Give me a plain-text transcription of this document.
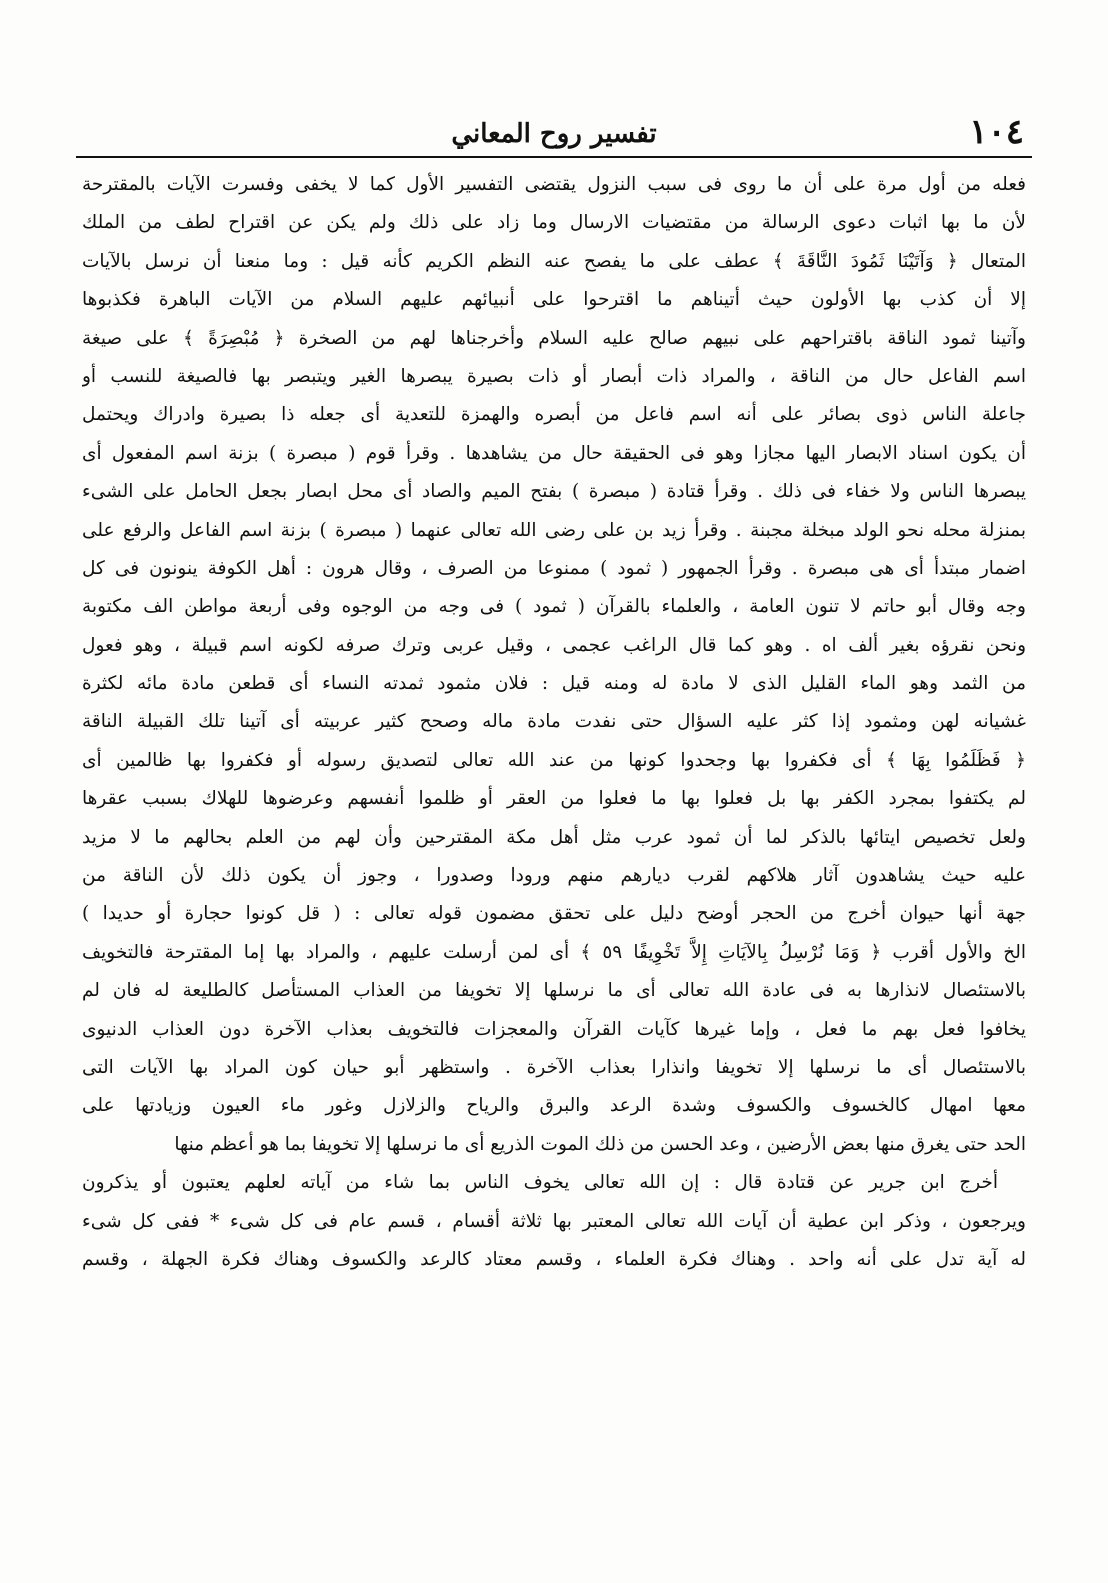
١٠٤
تفسير روح المعاني
فعله من أول مرة على أن ما روى فى سبب النزول يقتضى التفسير الأول كما لا يخفى وفسرت الآيات بالمقترحة
لأن ما بها اثبات دعوى الرسالة من مقتضيات الارسال وما زاد على ذلك ولم يكن عن اقتراح لطف من الملك
المتعال ﴿ وَآتَيْنَا ثَمُودَ النَّاقَةَ ﴾ عطف على ما يفصح عنه النظم الكريم كأنه قيل : وما منعنا أن نرسل بالآيات
إلا أن كذب بها الأولون حيث أتيناهم ما اقترحوا على أنبيائهم عليهم السلام من الآيات الباهرة فكذبوها
وآتينا ثمود الناقة باقتراحهم على نبيهم صالح عليه السلام وأخرجناها لهم من الصخرة ﴿ مُبْصِرَةً ﴾ على صيغة
اسم الفاعل حال من الناقة ، والمراد ذات أبصار أو ذات بصيرة يبصرها الغير ويتبصر بها فالصيغة للنسب أو
جاعلة الناس ذوى بصائر على أنه اسم فاعل من أبصره والهمزة للتعدية أى جعله ذا بصيرة وادراك ويحتمل
أن يكون اسناد الابصار اليها مجازا وهو فى الحقيقة حال من يشاهدها . وقرأ قوم ( مبصرة ) بزنة اسم المفعول أى
يبصرها الناس ولا خفاء فى ذلك . وقرأ قتادة ( مبصرة ) بفتح الميم والصاد أى محل ابصار بجعل الحامل على الشىء
بمنزلة محله نحو الولد مبخلة مجبنة . وقرأ زيد بن على رضى الله تعالى عنهما ( مبصرة ) بزنة اسم الفاعل والرفع على
اضمار مبتدأ أى هى مبصرة . وقرأ الجمهور ( ثمود ) ممنوعا من الصرف ، وقال هرون : أهل الكوفة ينونون فى كل
وجه وقال أبو حاتم لا تنون العامة ، والعلماء بالقرآن ( ثمود ) فى وجه من الوجوه وفى أربعة مواطن الف مكتوبة
ونحن نقرؤه بغير ألف اه . وهو كما قال الراغب عجمى ، وقيل عربى وترك صرفه لكونه اسم قبيلة ، وهو فعول
من الثمد وهو الماء القليل الذى لا مادة له ومنه قيل : فلان مثمود ثمدته النساء أى قطعن مادة مائه لكثرة
غشيانه لهن ومثمود إذا كثر عليه السؤال حتى نفدت مادة ماله وصحح كثير عربيته أى آتينا تلك القبيلة الناقة
﴿ فَظَلَمُوا بِهَا ﴾ أى فكفروا بها وجحدوا كونها من عند الله تعالى لتصديق رسوله أو فكفروا بها ظالمين أى
لم يكتفوا بمجرد الكفر بها بل فعلوا بها ما فعلوا من العقر أو ظلموا أنفسهم وعرضوها للهلاك بسبب عقرها
ولعل تخصيص ايتائها بالذكر لما أن ثمود عرب مثل أهل مكة المقترحين وأن لهم من العلم بحالهم ما لا مزيد
عليه حيث يشاهدون آثار هلاكهم لقرب ديارهم منهم ورودا وصدورا ، وجوز أن يكون ذلك لأن الناقة من
جهة أنها حيوان أخرج من الحجر أوضح دليل على تحقق مضمون قوله تعالى : ( قل كونوا حجارة أو حديدا )
الخ والأول أقرب ﴿ وَمَا نُرْسِلُ بِالآيَاتِ إِلاَّ تَخْوِيفًا ٥٩ ﴾ أى لمن أرسلت عليهم ، والمراد بها إما المقترحة فالتخويف
بالاستئصال لانذارها به فى عادة الله تعالى أى ما نرسلها إلا تخويفا من العذاب المستأصل كالطليعة له فان لم
يخافوا فعل بهم ما فعل ، وإما غيرها كآيات القرآن والمعجزات فالتخويف بعذاب الآخرة دون العذاب الدنيوى
بالاستئصال أى ما نرسلها إلا تخويفا وانذارا بعذاب الآخرة . واستظهر أبو حيان كون المراد بها الآيات التى
معها امهال كالخسوف والكسوف وشدة الرعد والبرق والرياح والزلازل وغور ماء العيون وزيادتها على
الحد حتى يغرق منها بعض الأرضين ، وعد الحسن من ذلك الموت الذريع أى ما نرسلها إلا تخويفا بما هو أعظم منها
أخرج ابن جرير عن قتادة قال : إن الله تعالى يخوف الناس بما شاء من آياته لعلهم يعتبون أو يذكرون
ويرجعون ، وذكر ابن عطية أن آيات الله تعالى المعتبر بها ثلاثة أقسام ، قسم عام فى كل شىء * ففى كل شىء
له آية تدل على أنه واحد . وهناك فكرة العلماء ، وقسم معتاد كالرعد والكسوف وهناك فكرة الجهلة ، وقسم
